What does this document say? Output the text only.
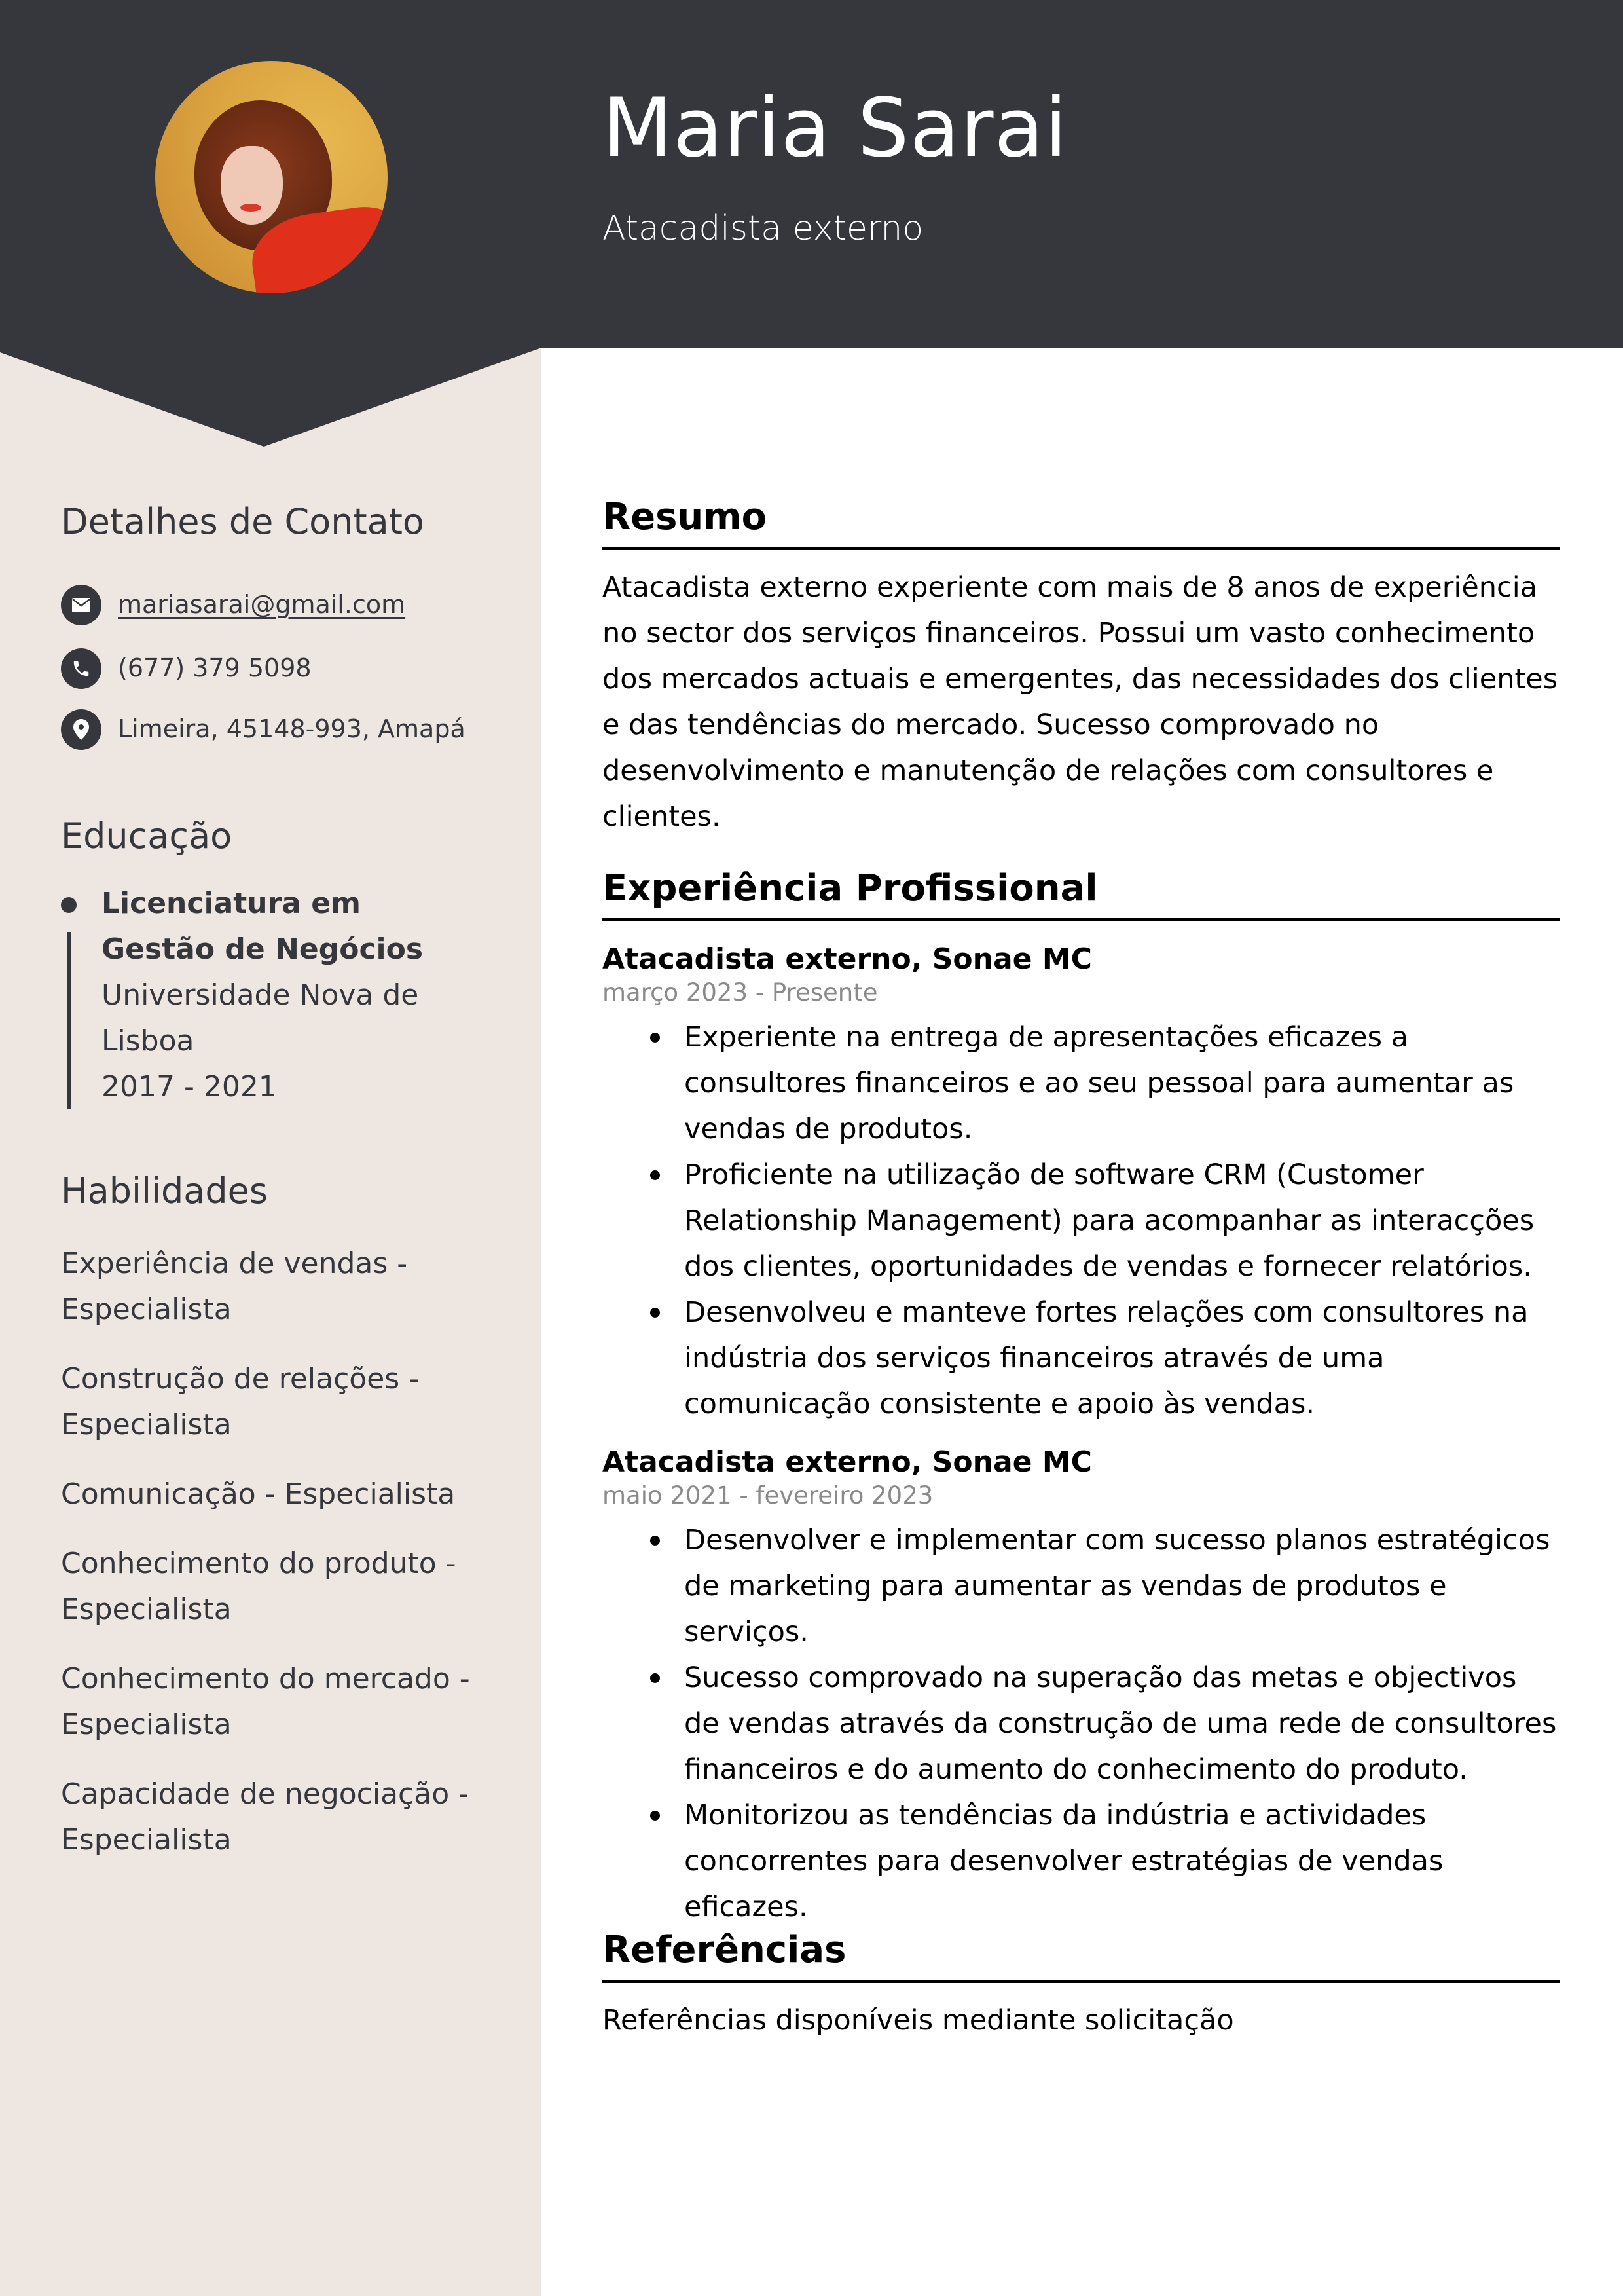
Maria Sarai
Atacadista externo
Detalhes de Contato
mariasarai@gmail.com
(677) 379 5098
Limeira, 45148-993, Amapá
Educação
Licenciatura em Gestão de Negócios
Universidade Nova de Lisboa
2017 - 2021
Habilidades
Experiência de vendas - Especialista
Construção de relações - Especialista
Comunicação - Especialista
Conhecimento do produto - Especialista
Conhecimento do mercado - Especialista
Capacidade de negociação - Especialista
Resumo

Atacadista externo experiente com mais de 8 anos de experiência no sector dos serviços financeiros. Possui um vasto conhecimento dos mercados actuais e emergentes, das necessidades dos clientes e das tendências do mercado. Sucesso comprovado no desenvolvimento e manutenção de relações com consultores e clientes.

Experiência Profissional
Atacadista externo, Sonae MC
março 2023 - Presente
Experiente na entrega de apresentações eficazes a consultores financeiros e ao seu pessoal para aumentar as vendas de produtos.
Proficiente na utilização de software CRM (Customer Relationship Management) para acompanhar as interacções dos clientes, oportunidades de vendas e fornecer relatórios.
Desenvolveu e manteve fortes relações com consultores na indústria dos serviços financeiros através de uma comunicação consistente e apoio às vendas.
Atacadista externo, Sonae MC
maio 2021 - fevereiro 2023
Desenvolver e implementar com sucesso planos estratégicos de marketing para aumentar as vendas de produtos e serviços.
Sucesso comprovado na superação das metas e objectivos de vendas através da construção de uma rede de consultores financeiros e do aumento do conhecimento do produto.
Monitorizou as tendências da indústria e actividades concorrentes para desenvolver estratégias de vendas eficazes.
Referências

Referências disponíveis mediante solicitação
